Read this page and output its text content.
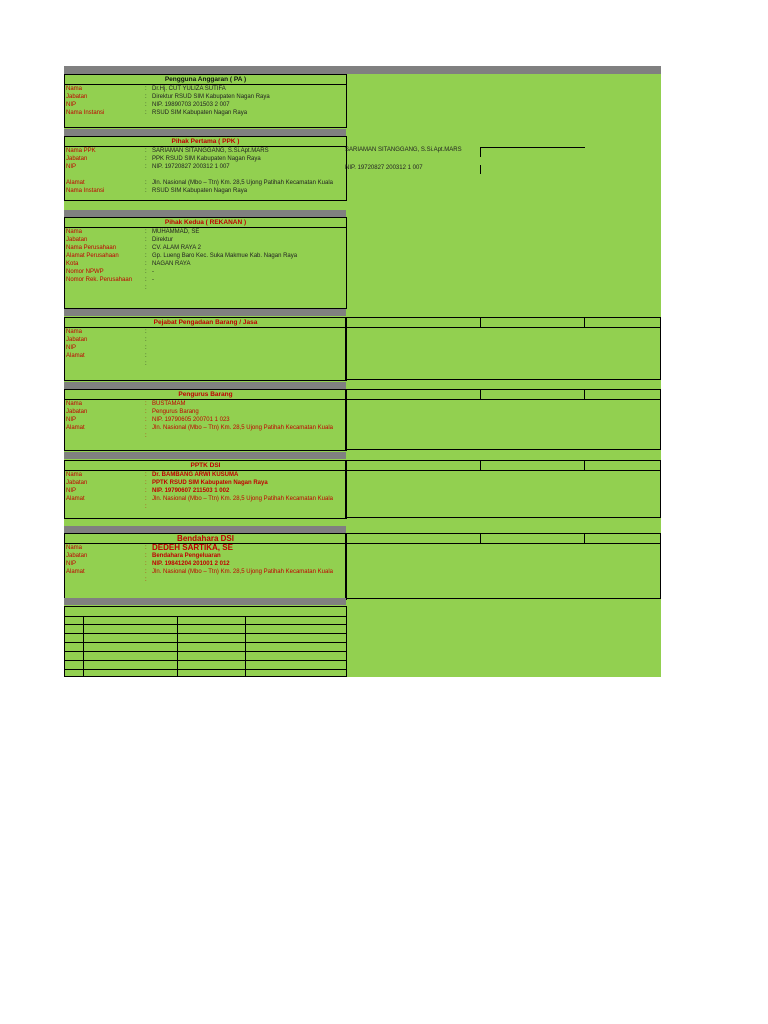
Pengguna Anggaran ( PA )
Nama	: Dr.Hj. CUT YULIZA SUTIFA
Jabatan	: Direktur RSUD SIM Kabupaten Nagan Raya
NIP	: NIP. 19890703 201503 2 007
Nama Instansi	: RSUD SIM Kabupaten Nagan Raya
Pihak Pertama ( PPK )
Nama PPK	: SARIAMAN SITANGGANG, S.Si.Apt.MARS
Jabatan	: PPK RSUD SIM Kabupaten Nagan Raya
NIP	: NIP. 19720827 200312 1 007
Alamat	: Jln. Nasional (Mbo – Ttn) Km. 28,5 Ujong Patihah Kecamatan Kuala
Nama Instansi	: RSUD SIM Kabupaten Nagan Raya
SARIAMAN SITANGGANG, S.Si.Apt.MARS
NIP. 19720827 200312 1 007
Pihak Kedua ( REKANAN )
Nama	: MUHAMMAD, SE
Jabatan	: Direktur
Nama Perusahaan	: CV. ALAM RAYA 2
Alamat Perusahaan	: Gp. Lueng Baro Kec. Suka Makmue Kab. Nagan Raya
Kota	: NAGAN RAYA
Nomor NPWP	: -
Nomor Rek. Perusahaan : -
:
Pejabat Pengadaan Barang / Jasa
Nama	:
Jabatan	:
NIP	:
Alamat	:
:
Pengurus Barang
Nama	: BUSTAMAM
Jabatan	: Pengurus Barang
NIP	: NIP. 19790605 200701 1 023
Alamat	: Jln. Nasional (Mbo – Ttn) Km. 28,5 Ujong Patihah Kecamatan Kuala
:
PPTK DSI
Nama	: Dr. BAMBANG ARWI KUSUMA
Jabatan	: PPTK RSUD SIM Kabupaten Nagan Raya
NIP	: NIP. 19790607 211503 1 002
Alamat	: Jln. Nasional (Mbo – Ttn) Km. 28,5 Ujong Patihah Kecamatan Kuala
:
Bendahara DSI
Nama	: DEDEH SARTIKA, SE
Jabatan	: Bendahara Pengeluaran
NIP	: NIP. 19841204 201001 2 012
Alamat	: Jln. Nasional (Mbo – Ttn) Km. 28,5 Ujong Patihah Kecamatan Kuala
:
